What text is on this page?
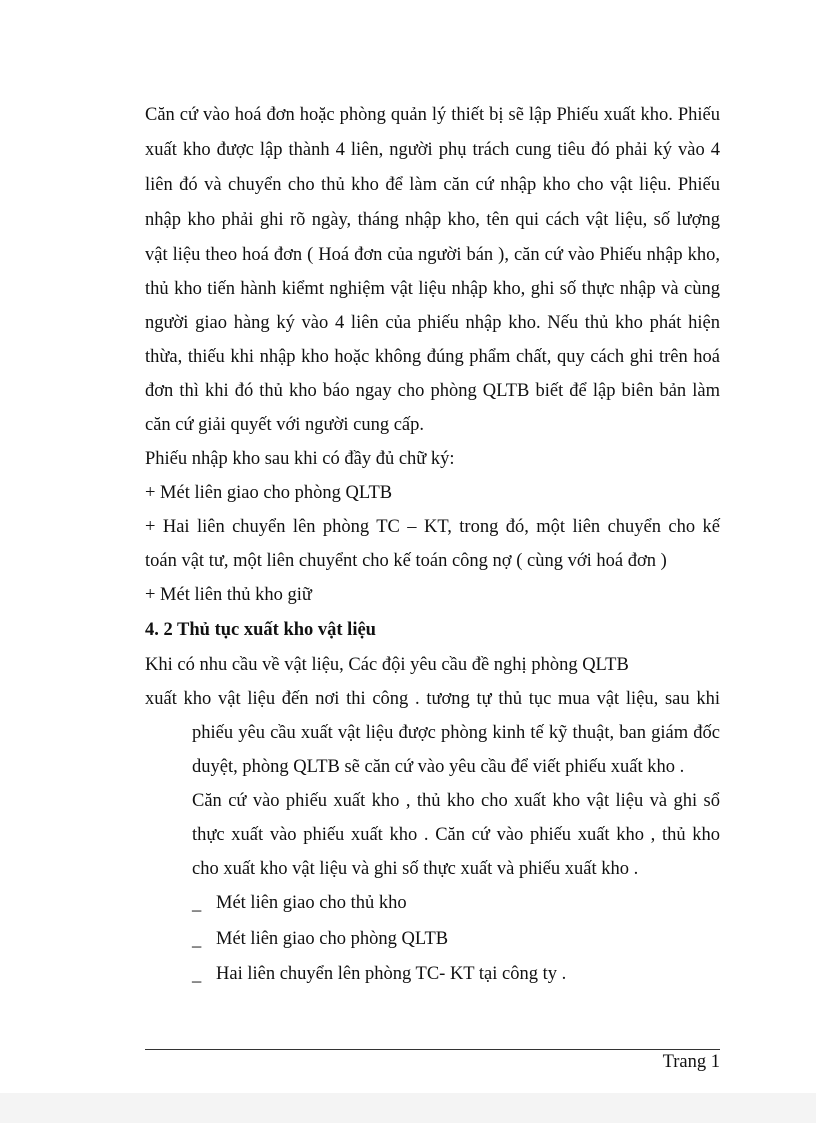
Căn cứ vào hoá đơn hoặc phòng quản lý thiết bị sẽ lập Phiếu xuất kho. Phiếu
xuất kho được lập thành 4 liên, người phụ trách cung tiêu đó phải ký vào 4
liên đó và chuyển cho thủ kho để làm căn cứ nhập kho cho vật liệu. Phiếu
nhập kho phải ghi rõ ngày, tháng nhập kho, tên qui cách vật liệu, số lượng
vật liệu theo hoá đơn ( Hoá đơn của người bán ), căn cứ vào Phiếu nhập kho,
thủ kho tiến hành kiểmt nghiệm vật liệu nhập kho, ghi số thực nhập và cùng
người giao hàng ký vào 4 liên của phiếu nhập kho. Nếu thủ kho phát hiện
thừa, thiếu khi nhập kho hoặc không đúng phẩm chất, quy cách ghi trên hoá
đơn thì khi đó thủ kho báo ngay cho phòng QLTB biết để lập biên bản làm
căn cứ giải quyết với người cung cấp.
Phiếu nhập kho sau khi có đầy đủ chữ ký:
+ Mét liên giao cho phòng QLTB
+ Hai liên chuyển lên phòng TC – KT, trong đó, một liên chuyển cho kế
toán vật tư, một liên chuyểnt cho kế toán công nợ ( cùng với hoá đơn )
+ Mét liên thủ kho giữ
4. 2 Thủ tục xuất kho vật liệu
Khi có nhu cầu về vật liệu, Các đội yêu cầu đề nghị phòng QLTB
xuất kho vật liệu đến nơi thi công . tương tự thủ tục mua vật liệu, sau khi
phiếu yêu cầu xuất vật liệu được phòng kinh tế kỹ thuật, ban giám đốc
duyệt, phòng QLTB sẽ căn cứ vào yêu cầu để viết phiếu xuất kho .
Căn cứ vào phiếu xuất kho , thủ kho cho xuất kho vật liệu và ghi sổ
thực xuất vào phiếu xuất kho . Căn cứ vào phiếu xuất kho , thủ kho
cho xuất kho vật liệu và ghi số thực xuất và phiếu xuất kho .
_ Mét liên giao cho thủ kho
_ Mét liên giao cho phòng QLTB
_ Hai liên chuyển lên phòng TC- KT tại công ty .
Trang 1
